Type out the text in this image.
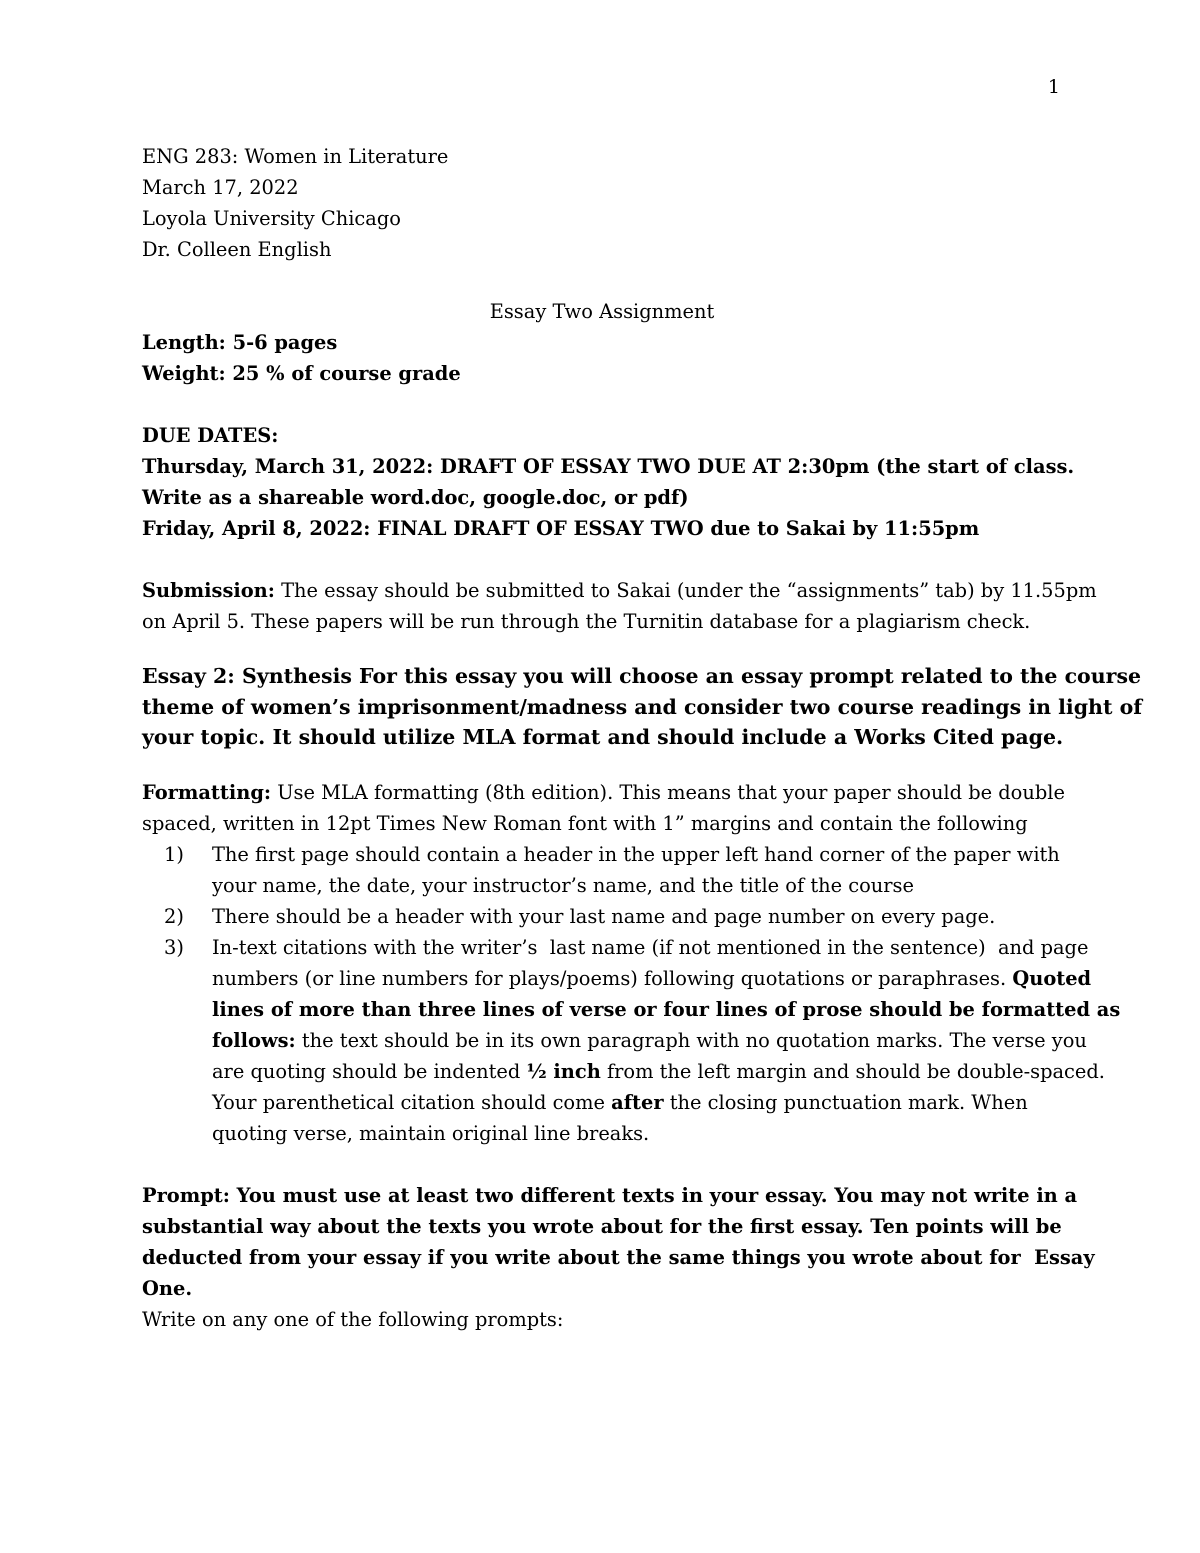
1
ENG 283: Women in Literature
March 17, 2022
Loyola University Chicago
Dr. Colleen English
Essay Two Assignment
Length: 5-6 pages
Weight: 25 % of course grade
DUE DATES:
Thursday, March 31, 2022: DRAFT OF ESSAY TWO DUE AT 2:30pm (the start of class.
Write as a shareable word.doc, google.doc, or pdf)
Friday, April 8, 2022: FINAL DRAFT OF ESSAY TWO due to Sakai by 11:55pm
Submission: The essay should be submitted to Sakai (under the “assignments” tab) by 11.55pm
on April 5. These papers will be run through the Turnitin database for a plagiarism check.
Essay 2: Synthesis For this essay you will choose an essay prompt related to the course
theme of women’s imprisonment/madness and consider two course readings in light of
your topic. It should utilize MLA format and should include a Works Cited page.
Formatting: Use MLA formatting (8th edition). This means that your paper should be double
spaced, written in 12pt Times New Roman font with 1” margins and contain the following
1) The first page should contain a header in the upper left hand corner of the paper with
your name, the date, your instructor’s name, and the title of the course
2) There should be a header with your last name and page number on every page.
3) In-text citations with the writer’s  last name (if not mentioned in the sentence)  and page
numbers (or line numbers for plays/poems) following quotations or paraphrases. Quoted
lines of more than three lines of verse or four lines of prose should be formatted as
follows: the text should be in its own paragraph with no quotation marks. The verse you
are quoting should be indented ½ inch from the left margin and should be double-spaced.
Your parenthetical citation should come after the closing punctuation mark. When
quoting verse, maintain original line breaks.
Prompt: You must use at least two different texts in your essay. You may not write in a
substantial way about the texts you wrote about for the first essay. Ten points will be
deducted from your essay if you write about the same things you wrote about for  Essay
One.
Write on any one of the following prompts:
